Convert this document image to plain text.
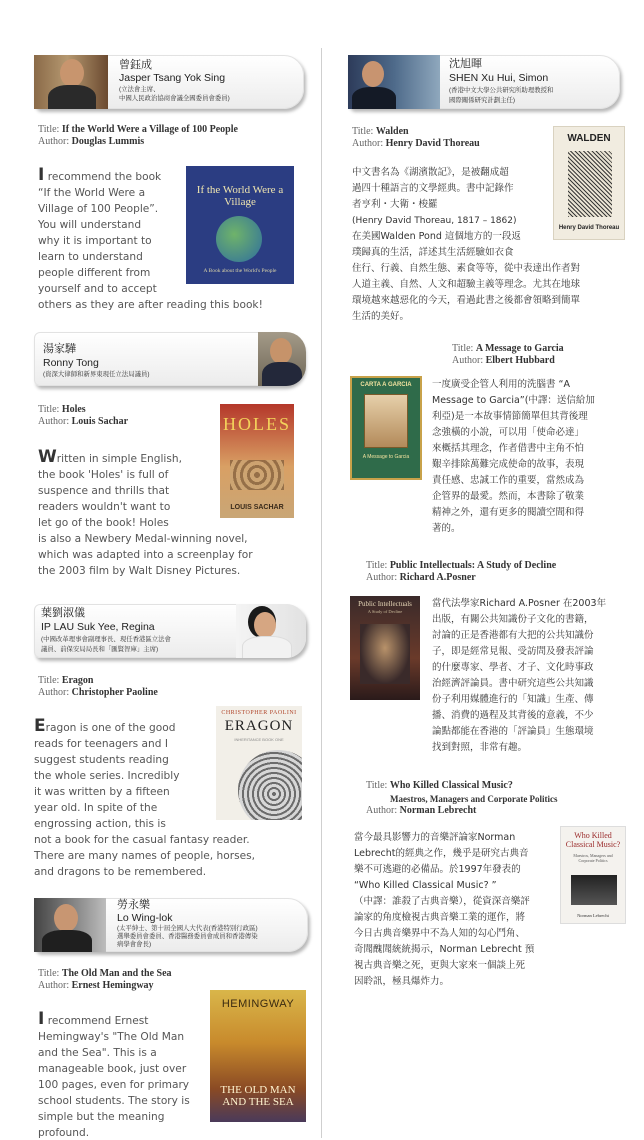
曾鈺成
Jasper Tsang Yok Sing
(立法會主席、
中國人民政治協商會議全國委員會委員)
Title: If the World Were a Village of 100 People
Author: Douglas Lummis
If the World Were a Village
A Book about the World's People
I recommend the book
“If the World Were a
Village of 100 People”.
You will understand
why it is important to
learn to understand
people different from
yourself and to accept
others as they are after reading this book!
湯家驊
Ronny Tong
(資深大律師和新界東現任立法局議員)
Title: Holes
Author: Louis Sachar	HOLES
LOUIS SACHAR
Written in simple English,
the book 'Holes' is full of
suspence and thrills that
readers wouldn't want to
let go of the book! Holes
is also a Newbery Medal-winning novel,
which was adapted into a screenplay for
the 2003 film by Walt Disney Pictures.
葉劉淑儀
IP LAU Suk Yee, Regina
(中國改革理事會副理事長、現任香港區立法會
議員、前保安局局長和「匯賢智庫」主席)
Title: Eragon
Author: Christopher Paoline
CHRISTOPHER PAOLINI
ERAGON
INHERITANCE BOOK ONE
Eragon is one of the good
reads for teenagers and I
suggest students reading
the whole series. Incredibly
it was written by a fifteen
year old. In spite of the
engrossing action, this is
not a book for the casual fantasy reader.
There are many names of people, horses,
and dragons to be remembered.
勞永樂
Lo Wing-lok
(太平紳士、第十屆全國人大代表(香港特別行政區)
選舉委員會委員、香港醫務委員會成員和香港傳染
病學會會長)
Title: The Old Man and the Sea
Author: Ernest Hemingway
HEMINGWAY
THE OLD MAN AND THE SEA
I recommend Ernest
Hemingway's "The Old Man
and the Sea". This is a
manageable book, just over
100 pages, even for primary
school students. The story is
simple but the meaning
profound.
沈旭暉
SHEN Xu Hui, Simon
(香港中文大學公共研究所助理教授和
國際關係研究計劃主任)
Title: Walden
Author: Henry David Thoreau	WALDEN
Henry David Thoreau
中文書名為《湖濱散記》，是被翻成超
過四十種語言的文學經典。書中記錄作
者亨利・大衛・梭羅
(Henry David Thoreau, 1817 – 1862)
在美國Walden Pond 這個地方的一段返
璞歸真的生活，詳述其生活經驗如衣食
住行、行義、自然生態、素食等等，從中表達出作者對
人道主義、自然、人文和超驗主義等理念。尤其在地球
環境越來越惡化的今天，看過此書之後都會領略到簡單
生活的美好。
Title: A Message to Garcia
Author: Elbert Hubbard
CARTA A GARCIA
A Message to Garcia
一度廣受企管人利用的洗腦書 “A
Message to Garcia”(中譯：送信給加
利亞)是一本故事情節簡單但其背後理
念強橫的小說，可以用「使命必達」
來概括其理念，作者借書中主角不怕
艱辛排除萬難完成使命的故事，表現
責任感、忠誠工作的重要，當然成為
企管界的最愛。然而，本書除了敬業
精神之外，還有更多的閱讀空間和得
著的。
Title: Public Intellectuals: A Study of Decline
Author: Richard A.Posner
Public Intellectuals
A Study of Decline
當代法學家Richard A.Posner 在2003年
出版，有關公共知識份子文化的書籍，
討論的正是香港都有大把的公共知識份
子，即是經常見報、受訪問及發表評論
的什麼專家、學者、才子、文化時事政
治經濟評論員。書中研究這些公共知識
份子利用媒體進行的「知識」生產、傳
播、消費的過程及其背後的意義，不少
論點都能在香港的「評論員」生態環境
找到對照，非常有趣。
Title: Who Killed Classical Music?
Maestros, Managers and Corporate Politics
Author: Norman Lebrecht
Who Killed Classical Music?
Maestros, Managers and Corporate Politics
Norman Lebrecht
當今最具影響力的音樂評論家Norman
Lebrecht的經典之作，幾乎是研究古典音
樂不可逃避的必備品。於1997年發表的
“Who Killed Classical Music? ”
（中譯：誰殺了古典音樂），從資深音樂評
論家的角度檢視古典音樂工業的運作，將
今日古典音樂界中不為人知的勾心鬥角、
奇聞醜聞統統揭示，Norman Lebrecht 預
視古典音樂之死，更與大家來一個談上死
因聆訊，極具爆炸力。
